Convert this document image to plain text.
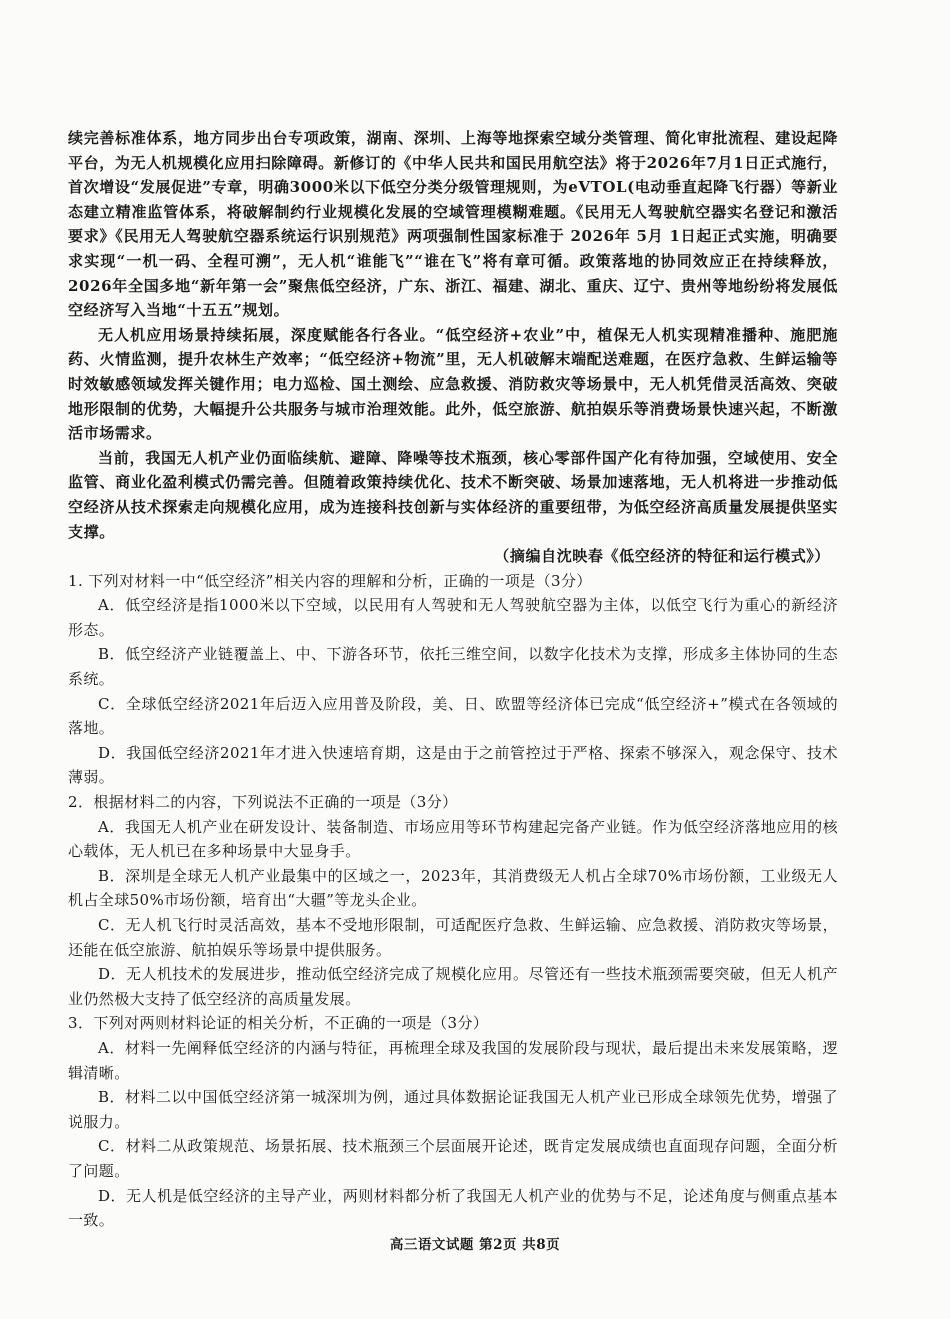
续完善标准体系，地方同步出台专项政策，湖南、深圳、上海等地探索空域分类管理、简化审批流程、建设起降平台，为无人机规模化应用扫除障碍。新修订的《中华人民共和国民用航空法》将于2026年7月1日正式施行，首次增设“发展促进”专章，明确3000米以下低空分类分级管理规则，为eVTOL(电动垂直起降飞行器）等新业态建立精准监管体系，将破解制约行业规模化发展的空域管理模糊难题。《民用无人驾驶航空器实名登记和激活要求》《民用无人驾驶航空器系统运行识别规范》两项强制性国家标准于 2026年 5月 1日起正式实施，明确要求实现“一机一码、全程可溯”，无人机“谁能飞”“谁在飞”将有章可循。政策落地的协同效应正在持续释放，2026年全国多地“新年第一会”聚焦低空经济，广东、浙江、福建、湖北、重庆、辽宁、贵州等地纷纷将发展低空经济写入当地“十五五”规划。

无人机应用场景持续拓展，深度赋能各行各业。“低空经济+农业”中，植保无人机实现精准播种、施肥施药、火情监测，提升农林生产效率；“低空经济+物流”里，无人机破解末端配送难题，在医疗急救、生鲜运输等时效敏感领域发挥关键作用；电力巡检、国土测绘、应急救援、消防救灾等场景中，无人机凭借灵活高效、突破地形限制的优势，大幅提升公共服务与城市治理效能。此外，低空旅游、航拍娱乐等消费场景快速兴起，不断激活市场需求。

当前，我国无人机产业仍面临续航、避障、降噪等技术瓶颈，核心零部件国产化有待加强，空域使用、安全监管、商业化盈利模式仍需完善。但随着政策持续优化、技术不断突破、场景加速落地，无人机将进一步推动低空经济从技术探索走向规模化应用，成为连接科技创新与实体经济的重要纽带，为低空经济高质量发展提供坚实支撑。

（摘编自沈映春《低空经济的特征和运行模式》）

1. 下列对材料一中“低空经济”相关内容的理解和分析，正确的一项是（3分）

A．低空经济是指1000米以下空域，以民用有人驾驶和无人驾驶航空器为主体，以低空飞行为重心的新经济形态。

B．低空经济产业链覆盖上、中、下游各环节，依托三维空间，以数字化技术为支撑，形成多主体协同的生态系统。

C．全球低空经济2021年后迈入应用普及阶段，美、日、欧盟等经济体已完成“低空经济+”模式在各领域的落地。

D．我国低空经济2021年才进入快速培育期，这是由于之前管控过于严格、探索不够深入，观念保守、技术薄弱。

2．根据材料二的内容，下列说法不正确的一项是（3分）

A．我国无人机产业在研发设计、装备制造、市场应用等环节构建起完备产业链。作为低空经济落地应用的核心载体，无人机已在多种场景中大显身手。

B．深圳是全球无人机产业最集中的区域之一，2023年，其消费级无人机占全球70%市场份额，工业级无人机占全球50%市场份额，培育出“大疆”等龙头企业。

C．无人机飞行时灵活高效，基本不受地形限制，可适配医疗急救、生鲜运输、应急救援、消防救灾等场景，还能在低空旅游、航拍娱乐等场景中提供服务。

D．无人机技术的发展进步，推动低空经济完成了规模化应用。尽管还有一些技术瓶颈需要突破，但无人机产业仍然极大支持了低空经济的高质量发展。

3．下列对两则材料论证的相关分析，不正确的一项是（3分）

A．材料一先阐释低空经济的内涵与特征，再梳理全球及我国的发展阶段与现状，最后提出未来发展策略，逻辑清晰。

B．材料二以中国低空经济第一城深圳为例，通过具体数据论证我国无人机产业已形成全球领先优势，增强了说服力。

C．材料二从政策规范、场景拓展、技术瓶颈三个层面展开论述，既肯定发展成绩也直面现存问题，全面分析了问题。

D．无人机是低空经济的主导产业，两则材料都分析了我国无人机产业的优势与不足，论述角度与侧重点基本一致。

高三语文试题 第2页 共8页
